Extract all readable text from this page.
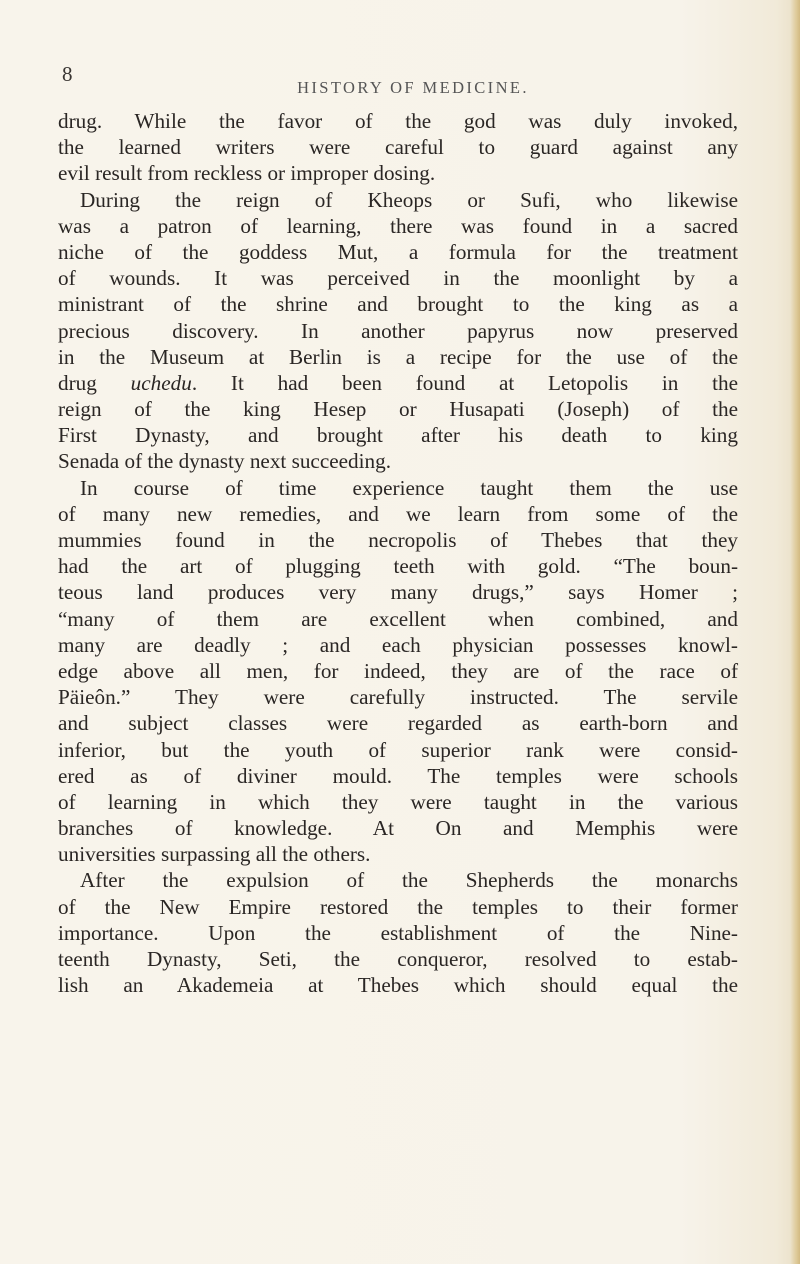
8
HISTORY OF MEDICINE.
drug. While the favor of the god was duly invoked,
the learned writers were careful to guard against any
evil result from reckless or improper dosing.
During the reign of Kheops or Sufi, who likewise
was a patron of learning, there was found in a sacred
niche of the goddess Mut, a formula for the treatment
of wounds. It was perceived in the moonlight by a
ministrant of the shrine and brought to the king as a
precious discovery. In another papyrus now preserved
in the Museum at Berlin is a recipe for the use of the
drug uchedu. It had been found at Letopolis in the
reign of the king Hesep or Husapati (Joseph) of the
First Dynasty, and brought after his death to king
Senada of the dynasty next succeeding.
In course of time experience taught them the use
of many new remedies, and we learn from some of the
mummies found in the necropolis of Thebes that they
had the art of plugging teeth with gold. “The boun-
teous land produces very many drugs,” says Homer ;
“many of them are excellent when combined, and
many are deadly ; and each physician possesses knowl-
edge above all men, for indeed, they are of the race of
Päieôn.” They were carefully instructed. The servile
and subject classes were regarded as earth-born and
inferior, but the youth of superior rank were consid-
ered as of diviner mould. The temples were schools
of learning in which they were taught in the various
branches of knowledge. At On and Memphis were
universities surpassing all the others.
After the expulsion of the Shepherds the monarchs
of the New Empire restored the temples to their former
importance. Upon the establishment of the Nine-
teenth Dynasty, Seti, the conqueror, resolved to estab-
lish an Akademeia at Thebes which should equal the
